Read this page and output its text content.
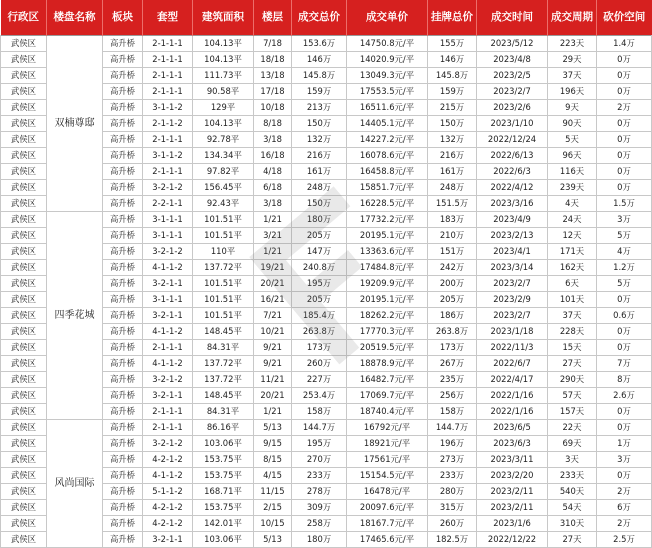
行政区	楼盘名称	板块	套型	建筑面积	楼层	成交总价	成交单价	挂牌总价	成交时间	成交周期	砍价空间
武侯区	双楠尊邸	高升桥	2-1-1-1	104.13平	7/18	153.6万	14750.8元/平	155万	2023/5/12	223天	1.4万
武侯区		高升桥	2-1-1-1	104.13平	18/18	146万	14020.9元/平	146万	2023/4/8	29天	0万
武侯区		高升桥	2-1-1-1	111.73平	13/18	145.8万	13049.3元/平	145.8万	2023/2/5	37天	0万
武侯区		高升桥	2-1-1-1	90.58平	17/18	159万	17553.5元/平	159万	2023/2/7	196天	0万
武侯区		高升桥	3-1-1-2	129平	10/18	213万	16511.6元/平	215万	2023/2/6	9天	2万
武侯区		高升桥	2-1-1-2	104.13平	8/18	150万	14405.1元/平	150万	2023/1/10	90天	0万
武侯区		高升桥	2-1-1-1	92.78平	3/18	132万	14227.2元/平	132万	2022/12/24	5天	0万
武侯区		高升桥	3-1-1-2	134.34平	16/18	216万	16078.6元/平	216万	2022/6/13	96天	0万
武侯区		高升桥	2-1-1-1	97.82平	4/18	161万	16458.8元/平	161万	2022/6/3	116天	0万
武侯区		高升桥	3-2-1-2	156.45平	6/18	248万	15851.7元/平	248万	2022/4/12	239天	0万
武侯区		高升桥	2-2-1-1	92.43平	3/18	150万	16228.5元/平	151.5万	2023/3/16	4天	1.5万
武侯区	四季花城	高升桥	3-1-1-1	101.51平	1/21	180万	17732.2元/平	183万	2023/4/9	24天	3万
武侯区		高升桥	3-1-1-1	101.51平	3/21	205万	20195.1元/平	210万	2023/2/13	12天	5万
武侯区		高升桥	3-2-1-2	110平	1/21	147万	13363.6元/平	151万	2023/4/1	171天	4万
武侯区		高升桥	4-1-1-2	137.72平	19/21	240.8万	17484.8元/平	242万	2023/3/14	162天	1.2万
武侯区		高升桥	3-2-1-1	101.51平	20/21	195万	19209.9元/平	200万	2023/2/7	6天	5万
武侯区		高升桥	3-1-1-1	101.51平	16/21	205万	20195.1元/平	205万	2023/2/9	101天	0万
武侯区		高升桥	3-2-1-1	101.51平	7/21	185.4万	18262.2元/平	186万	2023/2/7	37天	0.6万
武侯区		高升桥	4-1-1-2	148.45平	10/21	263.8万	17770.3元/平	263.8万	2023/1/18	228天	0万
武侯区		高升桥	2-1-1-1	84.31平	9/21	173万	20519.5元/平	173万	2022/11/3	15天	0万
武侯区		高升桥	4-1-1-2	137.72平	9/21	260万	18878.9元/平	267万	2022/6/7	27天	7万
武侯区		高升桥	3-2-1-2	137.72平	11/21	227万	16482.7元/平	235万	2022/4/17	290天	8万
武侯区		高升桥	3-2-1-1	148.45平	20/21	253.4万	17069.7元/平	256万	2022/1/16	57天	2.6万
武侯区		高升桥	2-1-1-1	84.31平	1/21	158万	18740.4元/平	158万	2022/1/16	157天	0万
武侯区	风尚国际	高升桥	2-1-1-1	86.16平	5/13	144.7万	16792元/平	144.7万	2023/6/5	22天	0万
武侯区		高升桥	3-2-1-2	103.06平	9/15	195万	18921元/平	196万	2023/6/3	69天	1万
武侯区		高升桥	4-2-1-2	153.75平	8/15	270万	17561元/平	273万	2023/3/11	3天	3万
武侯区		高升桥	4-1-1-2	153.75平	4/15	233万	15154.5元/平	233万	2023/2/20	233天	0万
武侯区		高升桥	5-1-1-2	168.71平	11/15	278万	16478元/平	280万	2023/2/11	540天	2万
武侯区		高升桥	4-2-1-2	153.75平	2/15	309万	20097.6元/平	315万	2023/2/11	54天	6万
武侯区		高升桥	4-2-1-2	142.01平	10/15	258万	18167.7元/平	260万	2023/1/6	310天	2万
武侯区		高升桥	3-2-1-1	103.06平	5/13	180万	17465.6元/平	182.5万	2022/12/22	27天	2.5万
